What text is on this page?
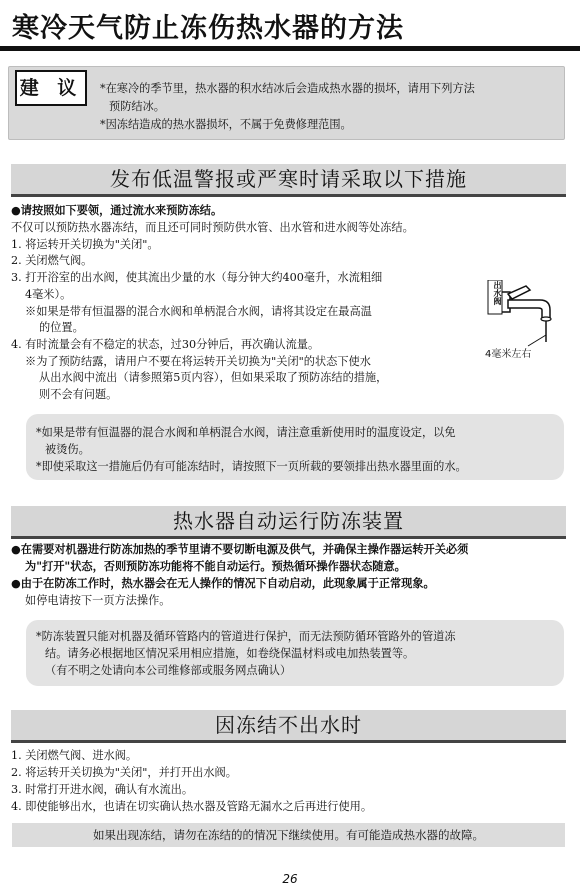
寒冷天气防止冻伤热水器的方法
建 议	*在寒冷的季节里，热水器的积水结冰后会造成热水器的损坏，请用下列方法
预防结冰。
*因冻结造成的热水器损坏，不属于免费修理范围。
发布低温警报或严寒时请采取以下措施
●请按照如下要领，通过流水来预防冻结。
不仅可以预防热水器冻结，而且还可同时预防供水管、出水管和进水阀等处冻结。
1. 将运转开关切换为"关闭"。
2. 关闭燃气阀。
3. 打开浴室的出水阀，使其流出少量的水（每分钟大约400毫升，水流粗细
4毫米）。
※如果是带有恒温器的混合水阀和单柄混合水阀，请将其设定在最高温
的位置。
4. 有时流量会有不稳定的状态，过30分钟后，再次确认流量。
※为了预防结露，请用户不要在将运转开关切换为"关闭"的状态下使水
从出水阀中流出（请参照第5页内容），但如果采取了预防冻结的措施，
则不会有问题。
出水阀
4毫米左右
*如果是带有恒温器的混合水阀和单柄混合水阀，请注意重新使用时的温度设定，以免
被烫伤。
*即使采取这一措施后仍有可能冻结时，请按照下一页所载的要领排出热水器里面的水。
热水器自动运行防冻装置
●在需要对机器进行防冻加热的季节里请不要切断电源及供气，并确保主操作器运转开关必须
为"打开"状态，否则预防冻功能将不能自动运行。预热循环操作器状态随意。
●由于在防冻工作时，热水器会在无人操作的情况下自动启动，此现象属于正常现象。
如停电请按下一页方法操作。
*防冻装置只能对机器及循环管路内的管道进行保护，而无法预防循环管路外的管道冻
结。请务必根据地区情况采用相应措施，如卷绕保温材料或电加热装置等。
（有不明之处请向本公司维修部或服务网点确认）
因冻结不出水时
1. 关闭燃气阀、进水阀。
2. 将运转开关切换为"关闭"，并打开出水阀。
3. 时常打开进水阀，确认有水流出。
4. 即使能够出水，也请在切实确认热水器及管路无漏水之后再进行使用。
如果出现冻结，请勿在冻结的的情况下继续使用。有可能造成热水器的故障。
26
